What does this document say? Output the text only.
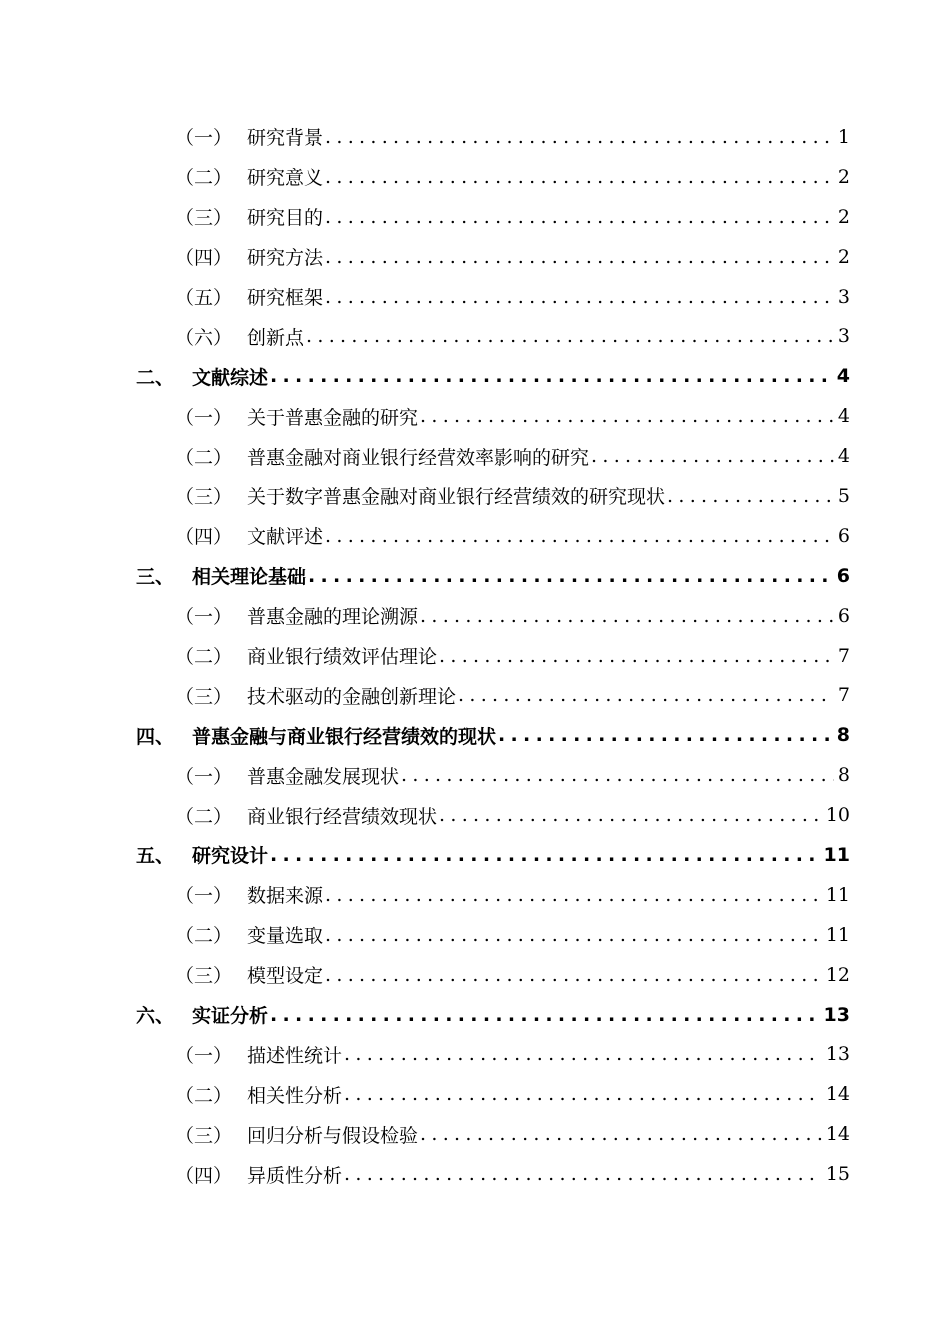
（一） 研究背景 .....	1
（二） 研究意义 .....	2
（三） 研究目的 .....	2
（四） 研究方法 .....	2
（五） 研究框架 .....	3
（六） 创新点 .....	3
二、 文献综述 .....	4
（一） 关于普惠金融的研究 .....	4
（二） 普惠金融对商业银行经营效率影响的研究 .....	4
（三） 关于数字普惠金融对商业银行经营绩效的研究现状 .....	5
（四） 文献评述 .....	6
三、 相关理论基础 .....	6
（一） 普惠金融的理论溯源 .....	6
（二） 商业银行绩效评估理论 .....	7
（三） 技术驱动的金融创新理论 .....	7
四、 普惠金融与商业银行经营绩效的现状 .....	8
（一） 普惠金融发展现状 .....	8
（二） 商业银行经营绩效现状 .....	10
五、 研究设计 .....	11
（一） 数据来源 .....	11
（二） 变量选取 .....	11
（三） 模型设定 .....	12
六、 实证分析 .....	13
（一） 描述性统计 .....	13
（二） 相关性分析 .....	14
（三） 回归分析与假设检验 .....	14
（四） 异质性分析 .....	15
